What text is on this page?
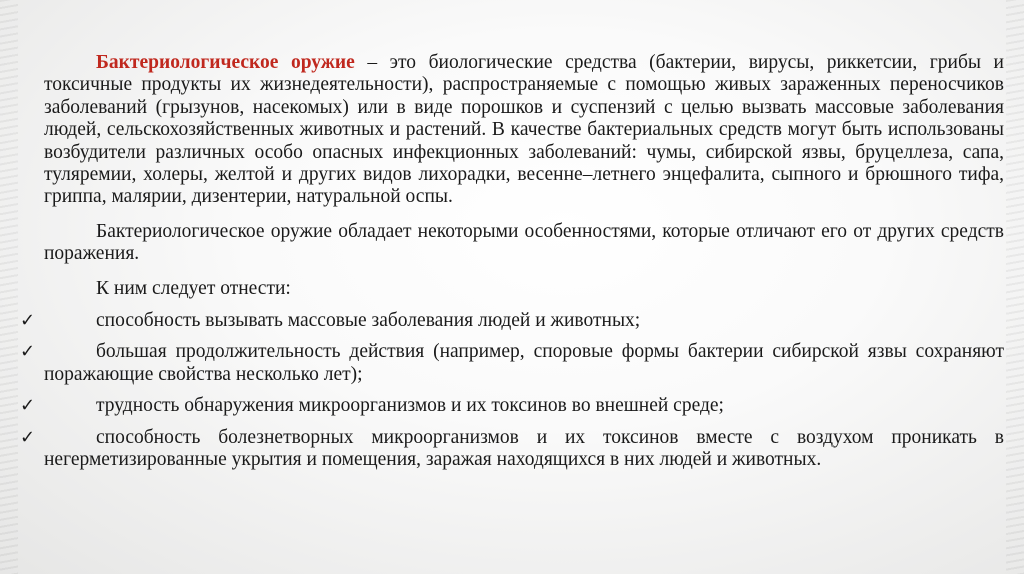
Бактериологическое оружие – это биологические средства (бактерии, вирусы, риккетсии, грибы и токсичные продукты их жизнедеятельности), распространяемые с помощью живых зараженных переносчиков заболеваний (грызунов, насекомых) или в виде порошков и суспензий с целью вызвать массовые заболевания людей, сельскохозяйственных животных и растений. В качестве бактериальных средств могут быть использованы возбудители различных особо опасных инфекционных заболеваний: чумы, сибирской язвы, бруцеллеза, сапа, туляремии, холеры, желтой и других видов лихорадки, весенне–летнего энцефалита, сыпного и брюшного тифа, гриппа, малярии, дизентерии, натуральной оспы.

Бактериологическое оружие обладает некоторыми особенностями, которые отличают его от других средств поражения.

К ним следует отнести:

✓	способность вызывать массовые заболевания людей и животных;
✓	большая продолжительность действия (например, споровые формы бактерии сибирской язвы сохраняют поражающие свойства несколько лет);
✓	трудность обнаружения микроорганизмов и их токсинов во внешней среде;
✓	способность болезнетворных микроорганизмов и их токсинов вместе с воздухом проникать в негерметизированные укрытия и помещения, заражая находящихся в них людей и животных.
